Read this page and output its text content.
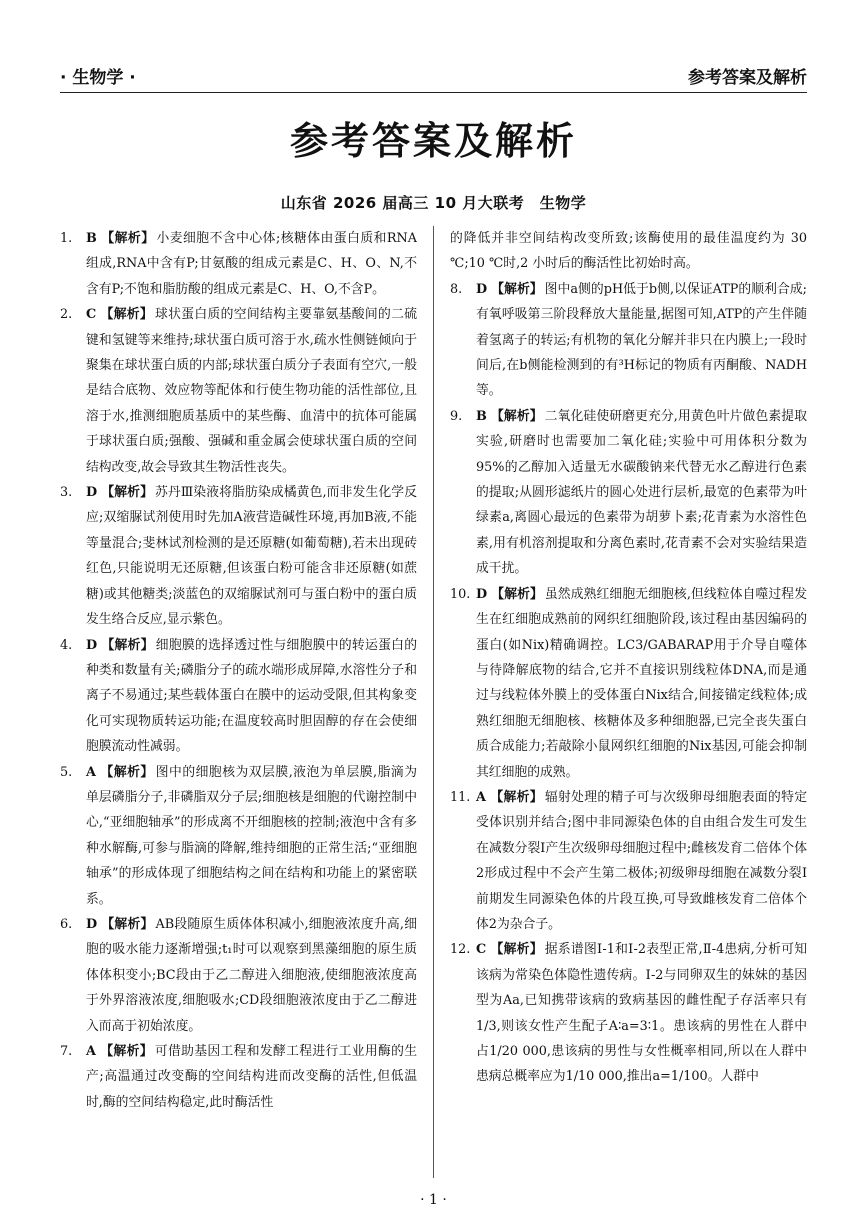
· 生物学 ·	参考答案及解析
参考答案及解析
山东省 2026 届高三 10 月大联考　生物学

1. B 【解析】 小麦细胞不含中心体;核糖体由蛋白质和RNA组成,RNA中含有P;甘氨酸的组成元素是C、H、O、N,不含有P;不饱和脂肪酸的组成元素是C、H、O,不含P。

2. C 【解析】 球状蛋白质的空间结构主要靠氨基酸间的二硫键和氢键等来维持;球状蛋白质可溶于水,疏水性侧链倾向于聚集在球状蛋白质的内部;球状蛋白质分子表面有空穴,一般是结合底物、效应物等配体和行使生物功能的活性部位,且溶于水,推测细胞质基质中的某些酶、血清中的抗体可能属于球状蛋白质;强酸、强碱和重金属会使球状蛋白质的空间结构改变,故会导致其生物活性丧失。

3. D 【解析】 苏丹Ⅲ染液将脂肪染成橘黄色,而非发生化学反应;双缩脲试剂使用时先加A液营造碱性环境,再加B液,不能等量混合;斐林试剂检测的是还原糖(如葡萄糖),若未出现砖红色,只能说明无还原糖,但该蛋白粉可能含非还原糖(如蔗糖)或其他糖类;淡蓝色的双缩脲试剂可与蛋白粉中的蛋白质发生络合反应,显示紫色。

4. D 【解析】 细胞膜的选择透过性与细胞膜中的转运蛋白的种类和数量有关;磷脂分子的疏水端形成屏障,水溶性分子和离子不易通过;某些载体蛋白在膜中的运动受限,但其构象变化可实现物质转运功能;在温度较高时胆固醇的存在会使细胞膜流动性减弱。

5. A 【解析】 图中的细胞核为双层膜,液泡为单层膜,脂滴为单层磷脂分子,非磷脂双分子层;细胞核是细胞的代谢控制中心,“亚细胞轴承”的形成离不开细胞核的控制;液泡中含有多种水解酶,可参与脂滴的降解,维持细胞的正常生活;“亚细胞轴承”的形成体现了细胞结构之间在结构和功能上的紧密联系。

6. D 【解析】 AB段随原生质体体积减小,细胞液浓度升高,细胞的吸水能力逐渐增强;t₁时可以观察到黑藻细胞的原生质体体积变小;BC段由于乙二醇进入细胞液,使细胞液浓度高于外界溶液浓度,细胞吸水;CD段细胞液浓度由于乙二醇进入而高于初始浓度。

7. A 【解析】 可借助基因工程和发酵工程进行工业用酶的生产;高温通过改变酶的空间结构进而改变酶的活性,但低温时,酶的空间结构稳定,此时酶活性

的降低并非空间结构改变所致;该酶使用的最佳温度约为 30 ℃;10 ℃时,2 小时后的酶活性比初始时高。

8. D 【解析】 图中a侧的pH低于b侧,以保证ATP的顺利合成;有氧呼吸第三阶段释放大量能量,据图可知,ATP的产生伴随着氢离子的转运;有机物的氧化分解并非只在内膜上;一段时间后,在b侧能检测到的有³H标记的物质有丙酮酸、NADH等。

9. B 【解析】 二氧化硅使研磨更充分,用黄色叶片做色素提取实验,研磨时也需要加二氧化硅;实验中可用体积分数为95%的乙醇加入适量无水碳酸钠来代替无水乙醇进行色素的提取;从圆形滤纸片的圆心处进行层析,最宽的色素带为叶绿素a,离圆心最远的色素带为胡萝卜素;花青素为水溶性色素,用有机溶剂提取和分离色素时,花青素不会对实验结果造成干扰。

10. D 【解析】 虽然成熟红细胞无细胞核,但线粒体自噬过程发生在红细胞成熟前的网织红细胞阶段,该过程由基因编码的蛋白(如Nix)精确调控。LC3/GABARAP用于介导自噬体与待降解底物的结合,它并不直接识别线粒体DNA,而是通过与线粒体外膜上的受体蛋白Nix结合,间接锚定线粒体;成熟红细胞无细胞核、核糖体及多种细胞器,已完全丧失蛋白质合成能力;若敲除小鼠网织红细胞的Nix基因,可能会抑制其红细胞的成熟。

11. A 【解析】 辐射处理的精子可与次级卵母细胞表面的特定受体识别并结合;图中非同源染色体的自由组合发生可发生在减数分裂Ⅰ产生次级卵母细胞过程中;雌核发育二倍体个体2形成过程中不会产生第二极体;初级卵母细胞在减数分裂Ⅰ前期发生同源染色体的片段互换,可导致雌核发育二倍体个体2为杂合子。

12. C 【解析】 据系谱图Ⅰ-1和Ⅰ-2表型正常,Ⅱ-4患病,分析可知该病为常染色体隐性遗传病。Ⅰ-2与同卵双生的妹妹的基因型为Aa,已知携带该病的致病基因的雌性配子存活率只有1/3,则该女性产生配子A∶a=3∶1。患该病的男性在人群中占1/20 000,患该病的男性与女性概率相同,所以在人群中患病总概率应为1/10 000,推出a=1/100。人群中

· 1 ·
